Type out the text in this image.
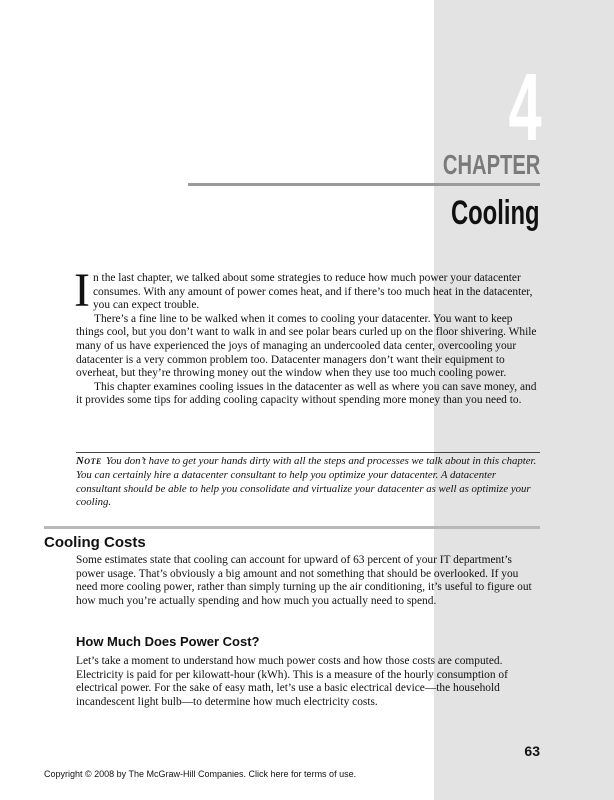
4
CHAPTER
Cooling

In the last chapter, we talked about some strategies to reduce how much power your datacenter consumes. With any amount of power comes heat, and if there’s too much heat in the datacenter, you can expect trouble.

There’s a fine line to be walked when it comes to cooling your datacenter. You want to keep things cool, but you don’t want to walk in and see polar bears curled up on the floor shivering. While many of us have experienced the joys of managing an undercooled data center, overcooling your datacenter is a very common problem too. Datacenter managers don’t want their equipment to overheat, but they’re throwing money out the window when they use too much cooling power.

This chapter examines cooling issues in the datacenter as well as where you can save money, and it provides some tips for adding cooling capacity without spending more money than you need to.

Note You don’t have to get your hands dirty with all the steps and processes we talk about in this chapter. You can certainly hire a datacenter consultant to help you optimize your datacenter. A datacenter consultant should be able to help you consolidate and virtualize your datacenter as well as optimize your cooling.
Cooling Costs

Some estimates state that cooling can account for upward of 63 percent of your IT department’s power usage. That’s obviously a big amount and not something that should be overlooked. If you need more cooling power, rather than simply turning up the air conditioning, it’s useful to figure out how much you’re actually spending and how much you actually need to spend.

How Much Does Power Cost?

Let’s take a moment to understand how much power costs and how those costs are computed. Electricity is paid for per kilowatt-hour (kWh). This is a measure of the hourly consumption of electrical power. For the sake of easy math, let’s use a basic electrical device—the household incandescent light bulb—to determine how much electricity costs.

63
Copyright © 2008 by The McGraw-Hill Companies. Click here for terms of use.
